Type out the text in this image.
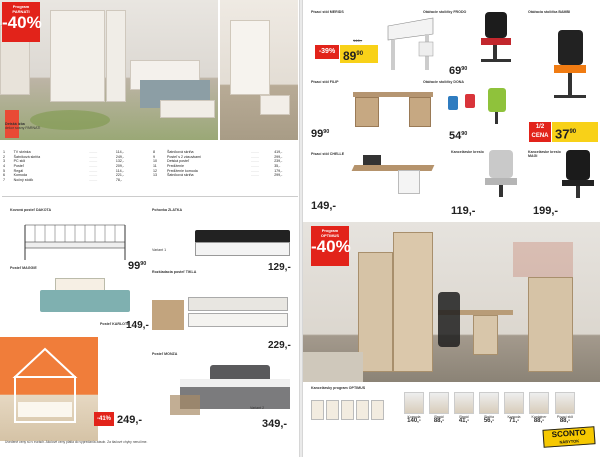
Program
PARNATI
-40%
Detská izba
dekor sosny PARNATI
1	TV skrinka	........	114,-
2	Šatníková skriňa	........	249,-
3	PC stôl	........	132,-
4	Posteľ	........	209,-
5	Regál	........	114,-
6	Komoda	........	221,-
7	Nočný stolík	........	78,-
8	Šatníková skriňa	........	419,-
9	Posteľ s 2 zásuvkami	........	299,-
10	Detská posteľ	........	239,-
11	Predĺženie	........	35,-
12	Predĺženie komoda	........	179,-
13	Šatníková skriňa	........	299,-
Kovová posteľ DAKOTA
$99^{90}$
Pohovka ZLATKA
Variant 1
129,-
Posteľ MAGGIE
149,-
Rozkladacia posteľ TIKLA
229,-
Posteľ KARLOTE
-41% 249,-
Posteľ MONZA
Variant 2
349,-
Uvedené ceny sú v eurách. Akciové ceny platia do vypredania zásob. Za tlačové chyby neručíme.
Písací stôl MERIDS
-39% $89^{90}$
146,-
Písací stôl FILIP
$99^{90}$
Písací stôl CHELLE
149,-
Otáčacie stoličky FRODO
$69^{90}$
Otáčacia stolička BAMBI
1/2 CENA $37^{90}$
Otáčacie stoličky DONA
$54^{90}$
Kancelárske kreslo
119,-
Kancelárske kreslo MAGI
199,-
Program
OPTIMUS
-40%
Kancelársky program OPTIMUS
Komoda
140,-
Regál
88,-
Regál
41,-
Skriňa
56,-
Komoda
71,-
Kontajner
88,-
Písací stôl
88,-
SCONTO
NÁBYTOK
